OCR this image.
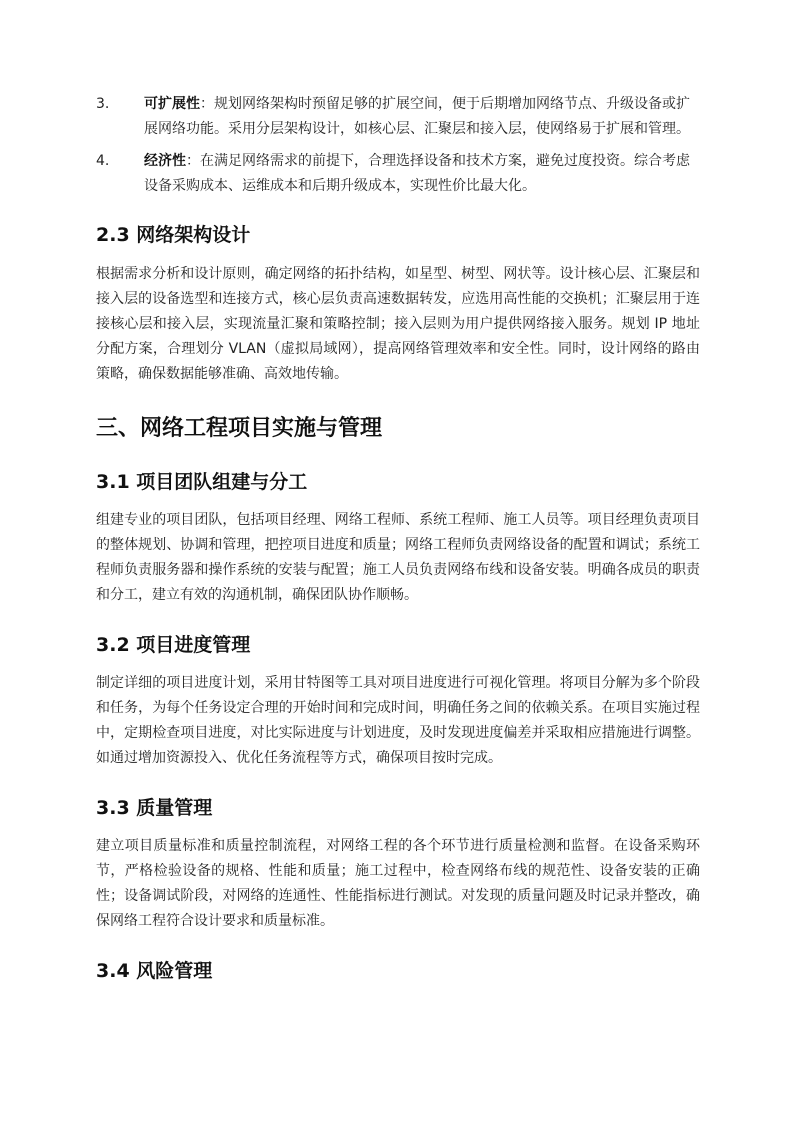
3.	可扩展性：规划网络架构时预留足够的扩展空间，便于后期增加网络节点、升级设备或扩展网络功能。采用分层架构设计，如核心层、汇聚层和接入层，使网络易于扩展和管理。
4.	经济性：在满足网络需求的前提下，合理选择设备和技术方案，避免过度投资。综合考虑设备采购成本、运维成本和后期升级成本，实现性价比最大化。
2.3 网络架构设计

根据需求分析和设计原则，确定网络的拓扑结构，如星型、树型、网状等。设计核心层、汇聚层和接入层的设备选型和连接方式，核心层负责高速数据转发，应选用高性能的交换机；汇聚层用于连接核心层和接入层，实现流量汇聚和策略控制；接入层则为用户提供网络接入服务。规划 IP 地址分配方案，合理划分 VLAN（虚拟局域网），提高网络管理效率和安全性。同时，设计网络的路由策略，确保数据能够准确、高效地传输。

三、网络工程项目实施与管理
3.1 项目团队组建与分工

组建专业的项目团队，包括项目经理、网络工程师、系统工程师、施工人员等。项目经理负责项目的整体规划、协调和管理，把控项目进度和质量；网络工程师负责网络设备的配置和调试；系统工程师负责服务器和操作系统的安装与配置；施工人员负责网络布线和设备安装。明确各成员的职责和分工，建立有效的沟通机制，确保团队协作顺畅。

3.2 项目进度管理

制定详细的项目进度计划，采用甘特图等工具对项目进度进行可视化管理。将项目分解为多个阶段和任务，为每个任务设定合理的开始时间和完成时间，明确任务之间的依赖关系。在项目实施过程中，定期检查项目进度，对比实际进度与计划进度，及时发现进度偏差并采取相应措施进行调整。如通过增加资源投入、优化任务流程等方式，确保项目按时完成。

3.3 质量管理

建立项目质量标准和质量控制流程，对网络工程的各个环节进行质量检测和监督。在设备采购环节，严格检验设备的规格、性能和质量；施工过程中，检查网络布线的规范性、设备安装的正确性；设备调试阶段，对网络的连通性、性能指标进行测试。对发现的质量问题及时记录并整改，确保网络工程符合设计要求和质量标准。

3.4 风险管理
